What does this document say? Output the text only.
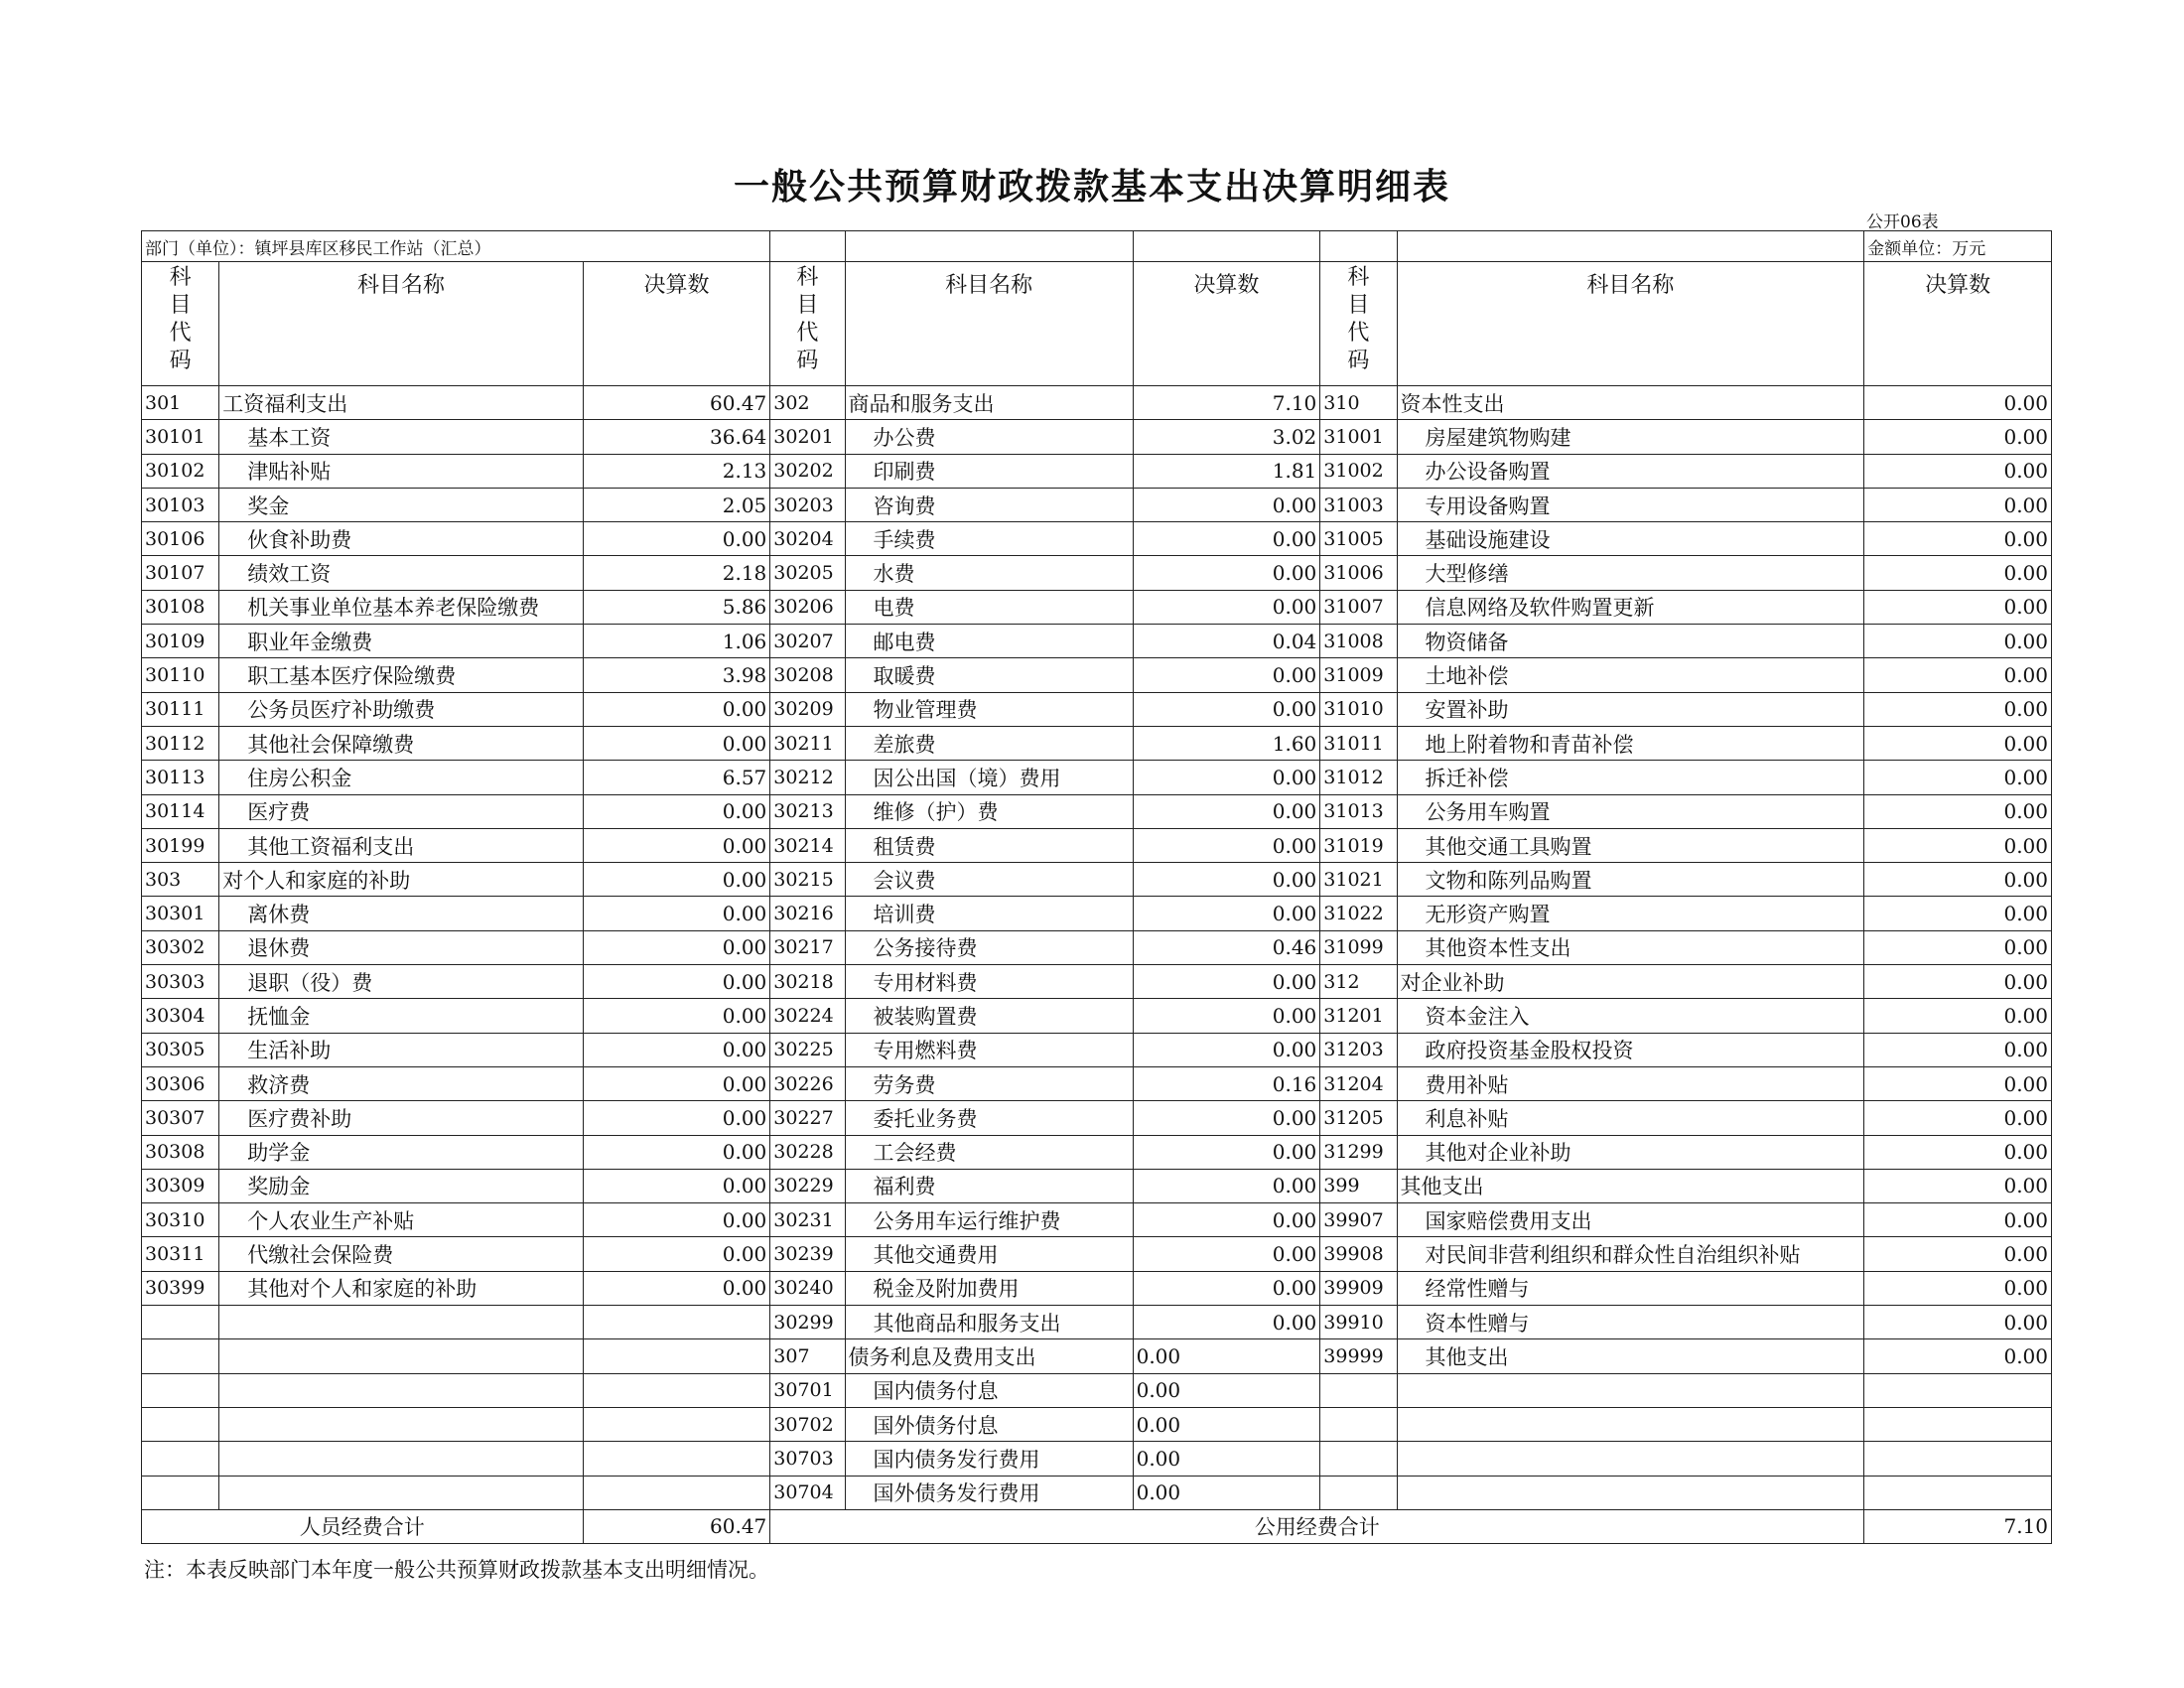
一般公共预算财政拨款基本支出决算明细表
公开06表
部门（单位）：镇坪县库区移民工作站（汇总）								金额单位：万元
科
目
代
码	科目名称	决算数	科
目
代
码	科目名称	决算数	科
目
代
码	科目名称	决算数
301	工资福利支出	60.47	302	商品和服务支出	7.10	310	资本性支出	0.00
30101	基本工资	36.64	30201	办公费	3.02	31001	房屋建筑物购建	0.00
30102	津贴补贴	2.13	30202	印刷费	1.81	31002	办公设备购置	0.00
30103	奖金	2.05	30203	咨询费	0.00	31003	专用设备购置	0.00
30106	伙食补助费	0.00	30204	手续费	0.00	31005	基础设施建设	0.00
30107	绩效工资	2.18	30205	水费	0.00	31006	大型修缮	0.00
30108	机关事业单位基本养老保险缴费	5.86	30206	电费	0.00	31007	信息网络及软件购置更新	0.00
30109	职业年金缴费	1.06	30207	邮电费	0.04	31008	物资储备	0.00
30110	职工基本医疗保险缴费	3.98	30208	取暖费	0.00	31009	土地补偿	0.00
30111	公务员医疗补助缴费	0.00	30209	物业管理费	0.00	31010	安置补助	0.00
30112	其他社会保障缴费	0.00	30211	差旅费	1.60	31011	地上附着物和青苗补偿	0.00
30113	住房公积金	6.57	30212	因公出国（境）费用	0.00	31012	拆迁补偿	0.00
30114	医疗费	0.00	30213	维修（护）费	0.00	31013	公务用车购置	0.00
30199	其他工资福利支出	0.00	30214	租赁费	0.00	31019	其他交通工具购置	0.00
303	对个人和家庭的补助	0.00	30215	会议费	0.00	31021	文物和陈列品购置	0.00
30301	离休费	0.00	30216	培训费	0.00	31022	无形资产购置	0.00
30302	退休费	0.00	30217	公务接待费	0.46	31099	其他资本性支出	0.00
30303	退职（役）费	0.00	30218	专用材料费	0.00	312	对企业补助	0.00
30304	抚恤金	0.00	30224	被装购置费	0.00	31201	资本金注入	0.00
30305	生活补助	0.00	30225	专用燃料费	0.00	31203	政府投资基金股权投资	0.00
30306	救济费	0.00	30226	劳务费	0.16	31204	费用补贴	0.00
30307	医疗费补助	0.00	30227	委托业务费	0.00	31205	利息补贴	0.00
30308	助学金	0.00	30228	工会经费	0.00	31299	其他对企业补助	0.00
30309	奖励金	0.00	30229	福利费	0.00	399	其他支出	0.00
30310	个人农业生产补贴	0.00	30231	公务用车运行维护费	0.00	39907	国家赔偿费用支出	0.00
30311	代缴社会保险费	0.00	30239	其他交通费用	0.00	39908	对民间非营利组织和群众性自治组织补贴	0.00
30399	其他对个人和家庭的补助	0.00	30240	税金及附加费用	0.00	39909	经常性赠与	0.00
			30299	其他商品和服务支出	0.00	39910	资本性赠与	0.00
			307	债务利息及费用支出	0.00	39999	其他支出	0.00
			30701	国内债务付息	0.00			
			30702	国外债务付息	0.00			
			30703	国内债务发行费用	0.00			
			30704	国外债务发行费用	0.00			
人员经费合计		60.47	公用经费合计					7.10
注：本表反映部门本年度一般公共预算财政拨款基本支出明细情况。
